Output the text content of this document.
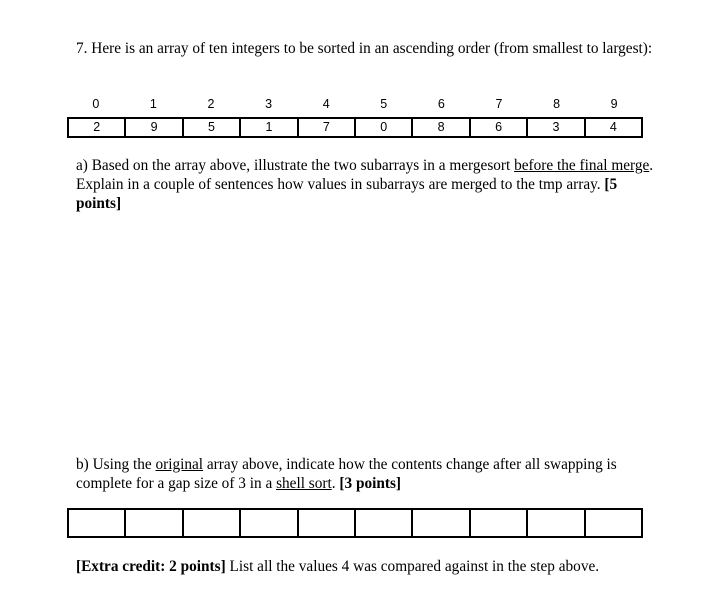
7. Here is an array of ten integers to be sorted in an ascending order (from smallest to largest):
0	1	2	3	4	5	6	7	8	9
2	9	5	1	7	0	8	6	3	4
a) Based on the array above, illustrate the two subarrays in a mergesort before the final merge. Explain in a couple of sentences how values in subarrays are merged to the tmp array. [5 points]
b) Using the original array above, indicate how the contents change after all swapping is complete for a gap size of 3 in a shell sort. [3 points]
[Extra credit: 2 points] List all the values 4 was compared against in the step above.
